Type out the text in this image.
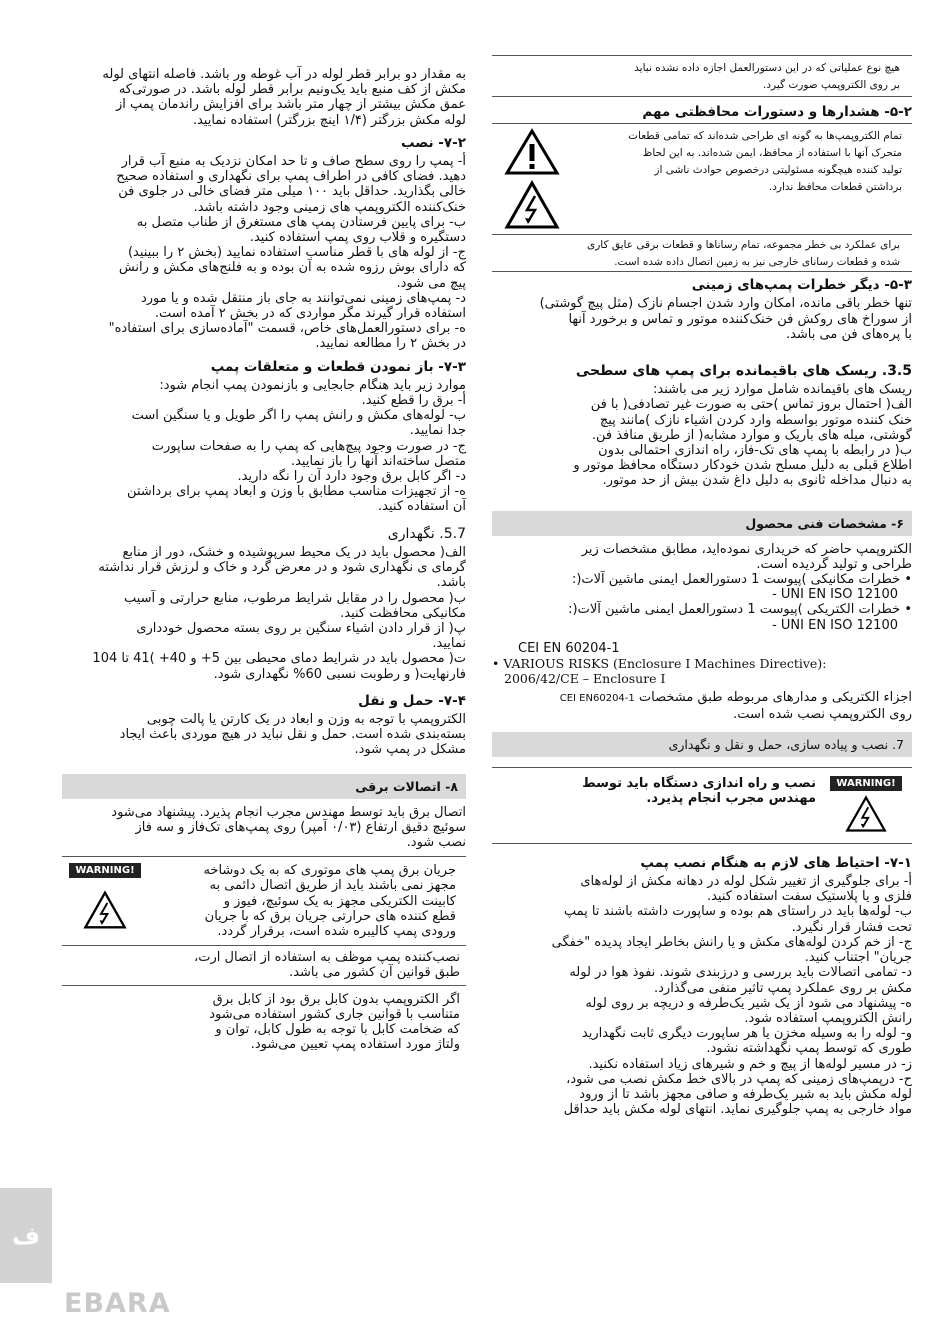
هیچ نوع عملیاتی که در این دستورالعمل اجازه داده نشده نباید

بر روی الکتروپمپ صورت گیرد.

۵-۲- هشدارها و دستورات محافظتی مهم

تمام الکتروپمپ‌ها به گونه ای طراحی شده‌اند که تمامی قطعات

متحرک آنها با استفاده از محافظ، ایمن شده‌اند. به این لحاظ

تولید کننده هیچگونه مسئولیتی درخصوص حوادث ناشی از

برداشتن قطعات محافظ ندارد.

برای عملکرد بی خطر مجموعه، تمام رسانا‌ها و قطعات برقی عایق کاری

شده و قطعات رسانای خارجی نیز به زمین اتصال داده شده است.

۵-۳- دیگر خطرات پمپ‌های زمینی

تنها خطر باقی مانده، امکان وارد شدن اجسام نازک (مثل پیچ گوشتی)

از سوراخ های روکش فن خنک‌کننده موتور و تماس و برخورد آنها

با پره‌های فن می باشد.

3.5. ریسک های باقیمانده برای پمپ های سطحی

ریسک های باقیمانده شامل موارد زیر می باشند:

الف( احتمال بروز تماس )حتی به صورت غیر تصادفی( با فن

خنک کننده موتور بواسطه وارد کردن اشیاء نازک )مانند پیچ

گوشتی، میله های باریک و موارد مشابه( از طریق منافذ فن.

ب( در رابطه با پمپ های تک-فاز، راه اندازی احتمالی بدون

اطلاع قبلی به دلیل مسلح شدن خودکار دستگاه محافظ موتور و

به دنبال مداخله ثانوی به دلیل داغ شدن بیش از حد موتور.

۶- مشخصات فنی محصول

الکتروپمپ حاضر که خریداری نموده‌اید، مطابق مشخصات زیر

طراحی و تولید گردیده است.

• خطرات مکانیکی )پیوست 1 دستورالعمل ایمنی ماشین آلات(:

UNI EN ISO 12100 -

• خطرات الکتریکی )پیوست 1 دستورالعمل ایمنی ماشین آلات(:

UNI EN ISO 12100 -

CEI EN 60204-1

• VARIOUS RISKS (Enclosure I Machines Directive):

2006/42/CE – Enclosure I

اجزاء الکتریکی و مدارهای مربوطه طبق مشخصات CEI EN60204-1

روی الکتروپمپ نصب شده است.

7. نصب و پیاده سازی، حمل و نقل و نگهداری
WARNING!

نصب و راه اندازی دستگاه باید توسط

مهندس مجرب انجام پذیرد.

۷-۱- احتیاط های لازم به هنگام نصب پمپ

أ- برای جلوگیری از تغییر شکل لوله در دهانه مکش از لوله‌های

فلزی و یا پلاستیک سفت استفاده کنید.

ب- لوله‌ها باید در راستای هم بوده و ساپورت داشته باشند تا پمپ

تحت فشار قرار نگیرد.

ج- از خم کردن لوله‌های مکش و یا رانش بخاطر ایجاد پدیده "خفگی

جریان" اجتناب کنید.

د- تمامی اتصالات باید بررسی و درزبندی شوند. نفوذ هوا در لوله

مکش بر روی عملکرد پمپ تاثیر منفی می‌گذارد.

ه- پیشنهاد می شود از یک شیر یک‌طرفه و دریچه بر روی لوله

رانش الکتروپمپ استفاده شود.

و- لوله را به وسیله مخزن یا هر ساپورت دیگری ثابت نگهدارید

طوری که توسط پمپ نگهداشته نشود.

ز- در مسیر لوله‌ها از پیچ و خم و شیرهای زیاد استفاده نکنید.

ح- درپمپ‌های زمینی که پمپ در بالای خط مکش نصب می شود،

لوله مکش باید به شیر یک‌طرفه و صافی مجهز باشد تا از ورود

مواد خارجی به پمپ جلوگیری نماید. انتهای لوله مکش باید حداقل

به مقدار دو برابر قطر لوله در آب غوطه ور باشد. فاصله انتهای لوله

مکش از کف منبع باید یک‌ونیم برابر قطر لوله باشد. در صورتی‌که

عمق مکش بیشتر از چهار متر باشد برای افزایش راندمان پمپ از

لوله مکش بزرگتر (۱/۴ اینچ بزرگتر) استفاده نمایید.

۷-۲- نصب

أ- پمپ را روی سطح صاف و تا حد امکان نزدیک به منبع آب قرار

دهید. فضای کافی در اطراف پمپ برای نگهداری و استفاده صحیح

خالی بگذارید. حداقل باید ۱۰۰ میلی متر فضای خالی در جلوی فن

خنک‌کننده الکتروپمپ های زمینی وجود داشته باشد.

ب- برای پایین فرستادن پمپ های مستغرق از طناب متصل به

دستگیره و قلاب روی پمپ استفاده کنید.

ج- از لوله های با قطر مناسب استفاده نمایید (بخش ۲ را ببینید)

که دارای بوش رزوه شده به آن بوده و به فلنج‌های مکش و رانش

پیچ می شود.

د- پمپ‌های زمینی نمی‌توانند به جای باز منتقل شده و یا مورد

استفاده قرار گیرند مگر مواردی که در بخش ۲ آمده است.

ه- برای دستورالعمل‌های خاص، قسمت "آماده‌سازی برای استفاده"

در بخش ۲ را مطالعه نمایید.

۷-۳- باز نمودن قطعات و متعلقات پمپ

موارد زیر باید هنگام جابجایی و بازنمودن پمپ انجام شود:

أ- برق را قطع کنید.

ب- لوله‌های مکش و رانش پمپ را اگر طویل و یا سنگین است

جدا نمایید.

ج- در صورت وجود پیچ‌هایی که پمپ را به صفحات ساپورت

متصل ساخته‌اند آنها را باز نمایید.

د- اگر کابل برق وجود دارد آن را نگه دارید.

ه- از تجهیزات مناسب مطابق با وزن و ابعاد پمپ برای برداشتن

آن استفاده کنید.

5.7. نگهداری

الف( محصول باید در یک محیط سرپوشیده و خشک، دور از منابع

گرمای ی نگهداری شود و در معرض گرد و خاک و لرزش قرار نداشته

باشد.

ب( محصول را در مقابل شرایط مرطوب، منابع حرارتی و آسیب

مکانیکی محافظت کنید.

پ( از قرار دادن اشیاء سنگین بر روی بسته محصول خودداری

نمایید.

ت( محصول باید در شرایط دمای محیطی بین 5+ و 40+ )41 تا 104

فارنهایت( و رطوبت نسبی 60% نگهداری شود.

۷-۴- حمل و نقل

الکتروپمپ با توجه به وزن و ابعاد در یک کارتن یا پالت چوبی

بسته‌بندی شده است. حمل و نقل نباید در هیچ موردی باعث ایجاد

مشکل در پمپ شود.

۸- اتصالات برقی

اتصال برق باید توسط مهندس مجرب انجام پذیرد. پیشنهاد می‌شود

سوئیچ دقیق ارتفاع (۰/۰۳ آمپر) روی پمپ‌های تک‌فاز و سه فاز

نصب شود.

جریان برق پمپ های موتوری که به یک دوشاخه

مجهز نمی باشند باید از طریق اتصال دائمی به

کابینت الکتریکی مجهز به یک سوئیچ، فیوز و

قطع کننده های حرارتی جریان برق که با جریان

ورودی پمپ کالیبره شده است، برقرار گردد.

WARNING!

نصب‌کننده پمپ موظف به استفاده از اتصال ارت،

طبق قوانین آن کشور می باشد.

اگر الکتروپمپ بدون کابل برق بود از کابل برق

متناسب با قوانین جاری کشور استفاده می‌شود

که ضخامت کابل با توجه به طول کابل، توان و

ولتاژ مورد استفاده پمپ تعیین می‌شود.

ف
EBARA
